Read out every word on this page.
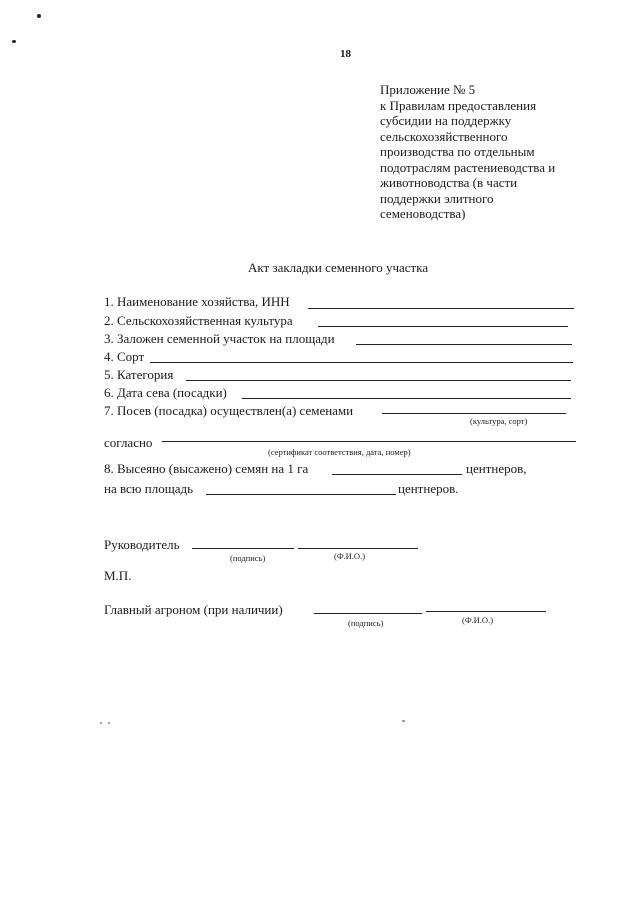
18
Приложение № 5
к Правилам предоставления
субсидии на поддержку
сельскохозяйственного
производства по отдельным
подотраслям растениеводства и
животноводства (в части
поддержки элитного
семеноводства)
Акт закладки семенного участка
1. Наименование хозяйства, ИНН
2. Сельскохозяйственная культура
3. Заложен семенной участок на площади
4. Сорт
5. Категория
6. Дата сева (посадки)
7. Посев (посадка) осуществлен(а) семенами
(культура, сорт)
согласно
(сертификат соответствия, дата, номер)
8. Высеяно (высажено) семян на 1 га	центнеров,
на всю площадь	центнеров.
Руководитель
(подпись)	(Ф.И.О.)
М.П.
Главный агроном (при наличии)
(подпись)	(Ф.И.О.)
